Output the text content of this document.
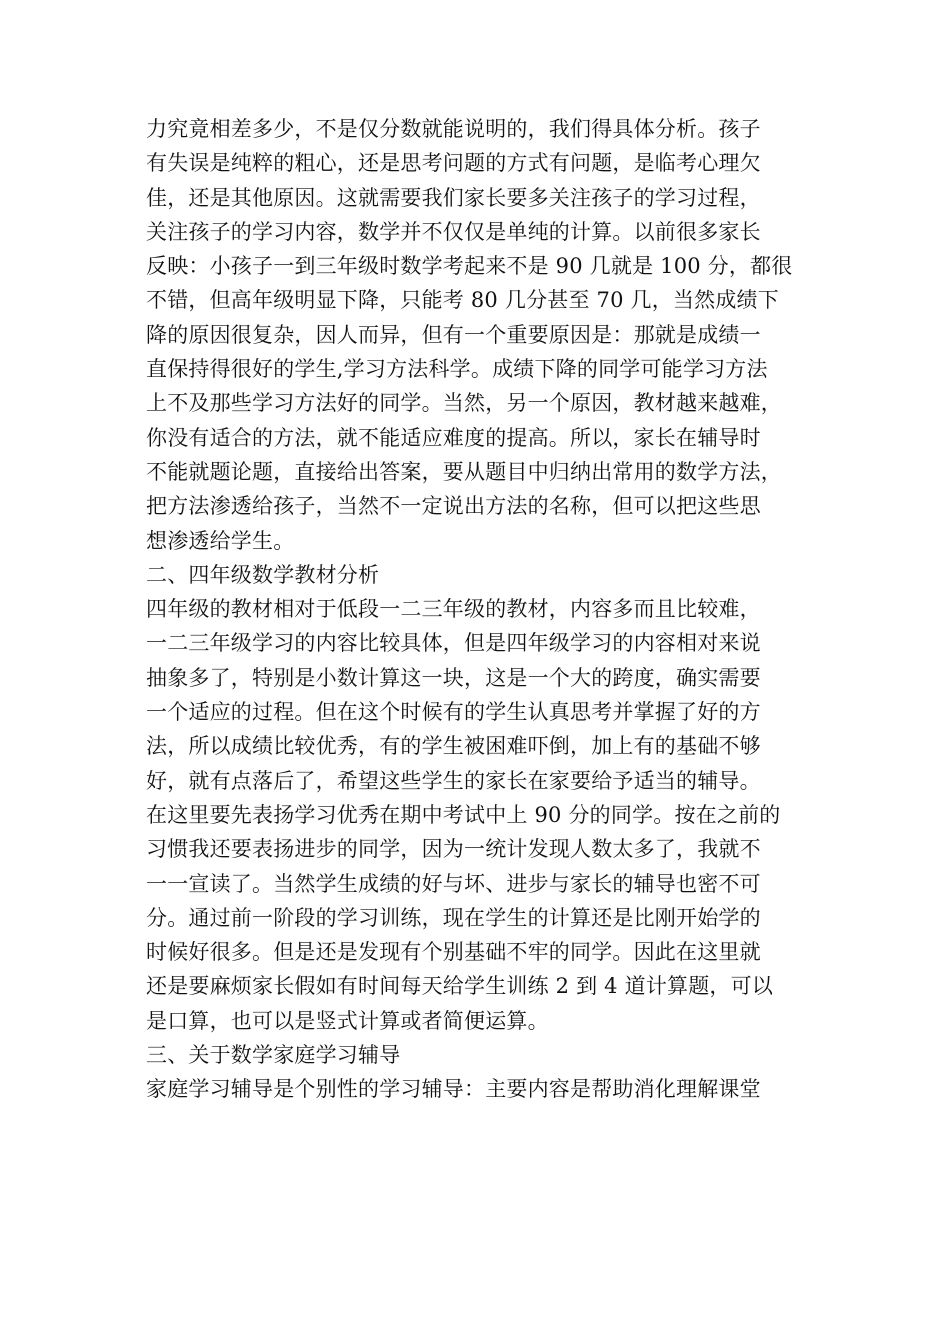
力究竟相差多少，不是仅分数就能说明的，我们得具体分析。孩子
有失误是纯粹的粗心，还是思考问题的方式有问题，是临考心理欠
佳，还是其他原因。这就需要我们家长要多关注孩子的学习过程，
关注孩子的学习内容，数学并不仅仅是单纯的计算。以前很多家长
反映：小孩子一到三年级时数学考起来不是 90 几就是 100 分，都很
不错，但高年级明显下降，只能考 80 几分甚至 70 几，当然成绩下
降的原因很复杂，因人而异，但有一个重要原因是：那就是成绩一
直保持得很好的学生,学习方法科学。成绩下降的同学可能学习方法
上不及那些学习方法好的同学。当然，另一个原因，教材越来越难，
你没有适合的方法，就不能适应难度的提高。所以，家长在辅导时
不能就题论题，直接给出答案，要从题目中归纳出常用的数学方法，
把方法渗透给孩子，当然不一定说出方法的名称，但可以把这些思
想渗透给学生。
二、四年级数学教材分析
四年级的教材相对于低段一二三年级的教材，内容多而且比较难，
一二三年级学习的内容比较具体，但是四年级学习的内容相对来说
抽象多了，特别是小数计算这一块，这是一个大的跨度，确实需要
一个适应的过程。但在这个时候有的学生认真思考并掌握了好的方
法，所以成绩比较优秀，有的学生被困难吓倒，加上有的基础不够
好，就有点落后了，希望这些学生的家长在家要给予适当的辅导。
在这里要先表扬学习优秀在期中考试中上 90 分的同学。按在之前的
习惯我还要表扬进步的同学，因为一统计发现人数太多了，我就不
一一宣读了。当然学生成绩的好与坏、进步与家长的辅导也密不可
分。通过前一阶段的学习训练，现在学生的计算还是比刚开始学的
时候好很多。但是还是发现有个别基础不牢的同学。因此在这里就
还是要麻烦家长假如有时间每天给学生训练 2 到 4 道计算题，可以
是口算，也可以是竖式计算或者简便运算。
三、关于数学家庭学习辅导
家庭学习辅导是个别性的学习辅导：主要内容是帮助消化理解课堂
